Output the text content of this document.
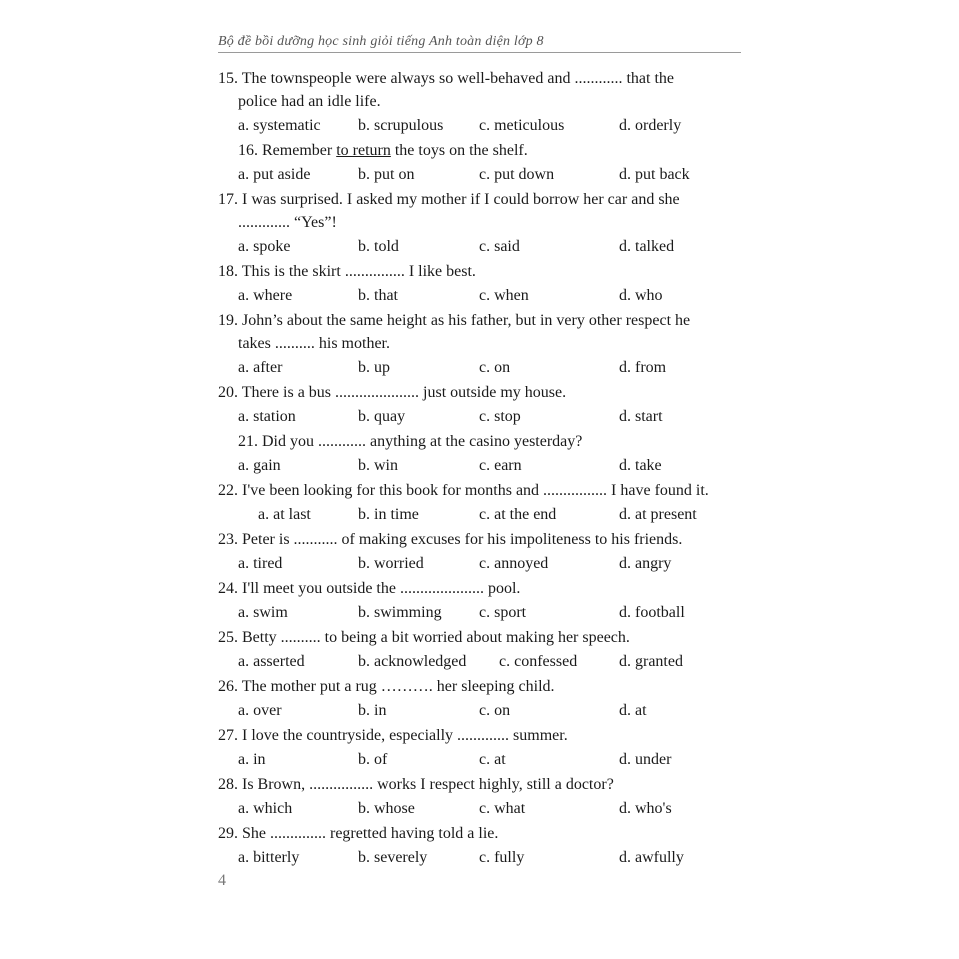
Bộ đề bồi dưỡng học sinh giỏi tiếng Anh toàn diện lớp 8
15. The townspeople were always so well-behaved and ............ that the
police had an idle life.
a. systematic	b. scrupulous	c. meticulous	d. orderly
16. Remember to return the toys on the shelf.
a. put aside	b. put on	c. put down	d. put back
17. I was surprised. I asked my mother if I could borrow her car and she
............. “Yes”!
a. spoke	b. told	c. said	d. talked
18. This is the skirt ............... I like best.
a. where	b. that	c. when	d. who
19. John’s about the same height as his father, but in very other respect he
takes .......... his mother.
a. after	b. up	c. on	d. from
20. There is a bus ..................... just outside my house.
a. station	b. quay	c. stop	d. start
21. Did you ............ anything at the casino yesterday?
a. gain	b. win	c. earn	d. take
22. I've been looking for this book for months and ................ I have found it.
a. at last	b. in time	c. at the end	d. at present
23. Peter is ........... of making excuses for his impoliteness to his friends.
a. tired	b. worried	c. annoyed	d. angry
24. I'll meet you outside the ..................... pool.
a. swim	b. swimming	c. sport	d. football
25. Betty .......... to being a bit worried about making her speech.
a. asserted	b. acknowledged	c. confessed	d. granted
26. The mother put a rug ………. her sleeping child.
a. over	b. in	c. on	d. at
27. I love the countryside, especially ............. summer.
a. in	b. of	c. at	d. under
28. Is Brown, ................ works I respect highly, still a doctor?
a. which	b. whose	c. what	d. who's
29. She .............. regretted having told a lie.
a. bitterly	b. severely	c. fully	d. awfully
4
